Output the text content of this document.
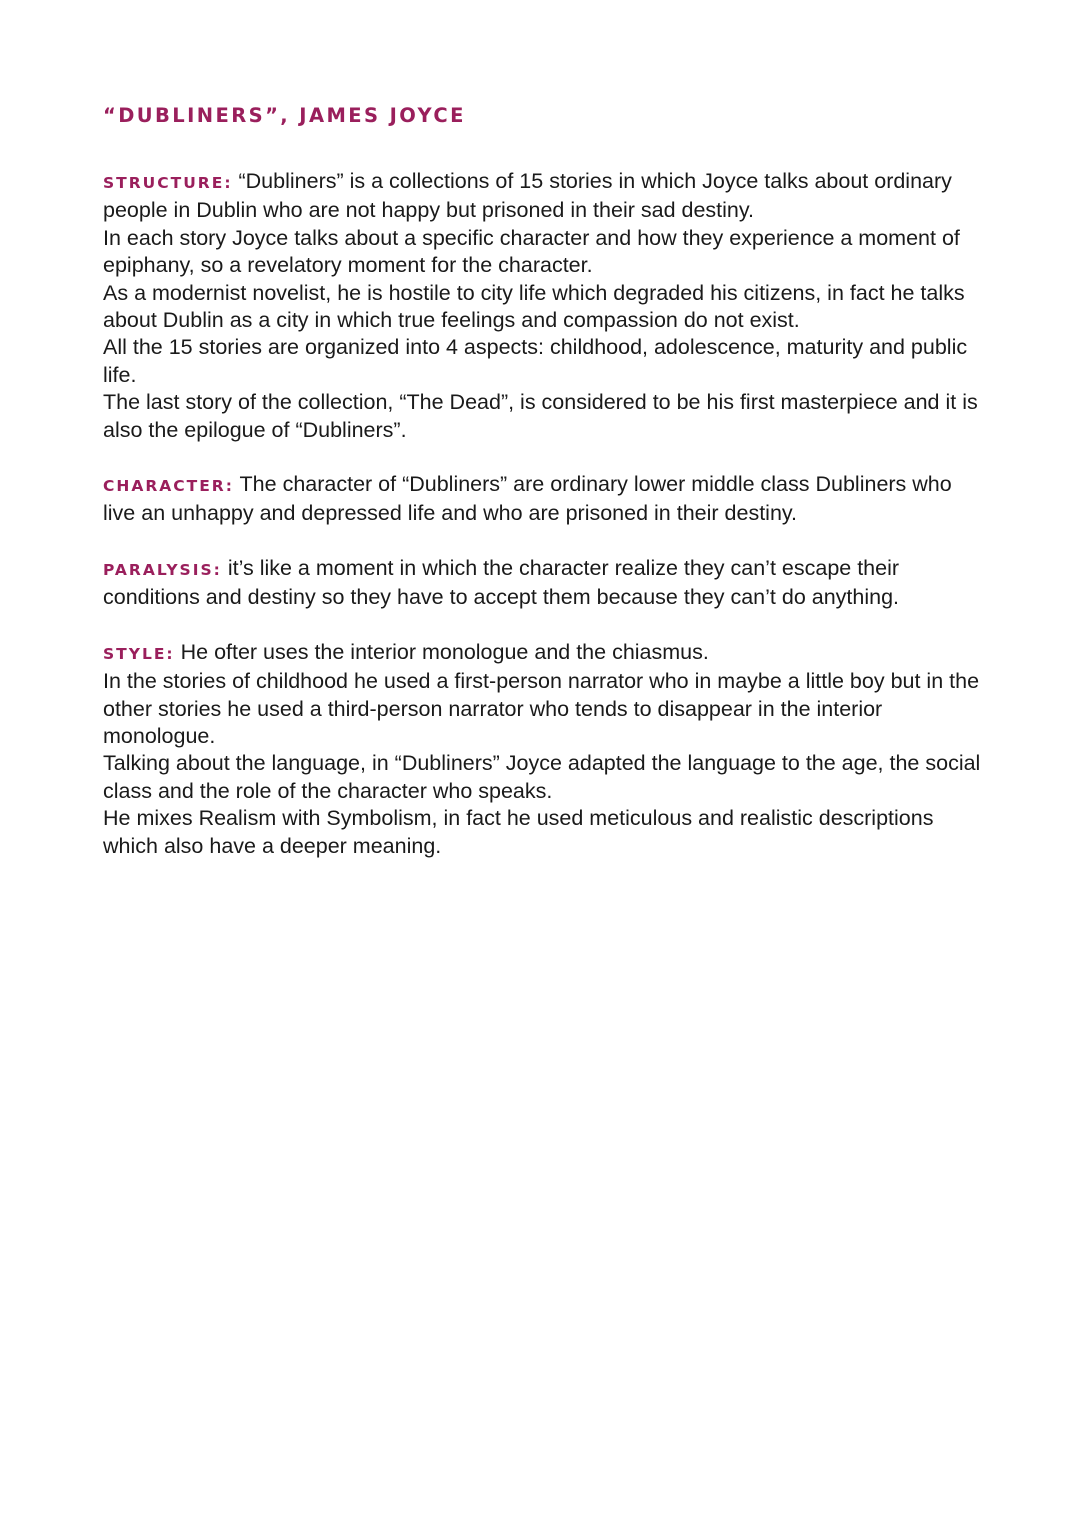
“DUBLINERS”, JAMES JOYCE

STRUCTURE: “Dubliners” is a collections of 15 stories in which Joyce talks about ordinary people in Dublin who are not happy but prisoned in their sad destiny.

In each story Joyce talks about a specific character and how they experience a moment of epiphany, so a revelatory moment for the character.

As a modernist novelist, he is hostile to city life which degraded his citizens, in fact he talks about Dublin as a city in which true feelings and compassion do not exist.

All the 15 stories are organized into 4 aspects: childhood, adolescence, maturity and public life.

The last story of the collection, “The Dead”, is considered to be his first masterpiece and it is also the epilogue of “Dubliners”.

CHARACTER: The character of “Dubliners” are ordinary lower middle class Dubliners who live an unhappy and depressed life and who are prisoned in their destiny.

PARALYSIS: it’s like a moment in which the character realize they can’t escape their conditions and destiny so they have to accept them because they can’t do anything.

STYLE: He ofter uses the interior monologue and the chiasmus.

In the stories of childhood he used a first-person narrator who in maybe a little boy but in the other stories he used a third-person narrator who tends to disappear in the interior monologue.

Talking about the language, in “Dubliners” Joyce adapted the language to the age, the social class and the role of the character who speaks.

He mixes Realism with Symbolism, in fact he used meticulous and realistic descriptions which also have a deeper meaning.
